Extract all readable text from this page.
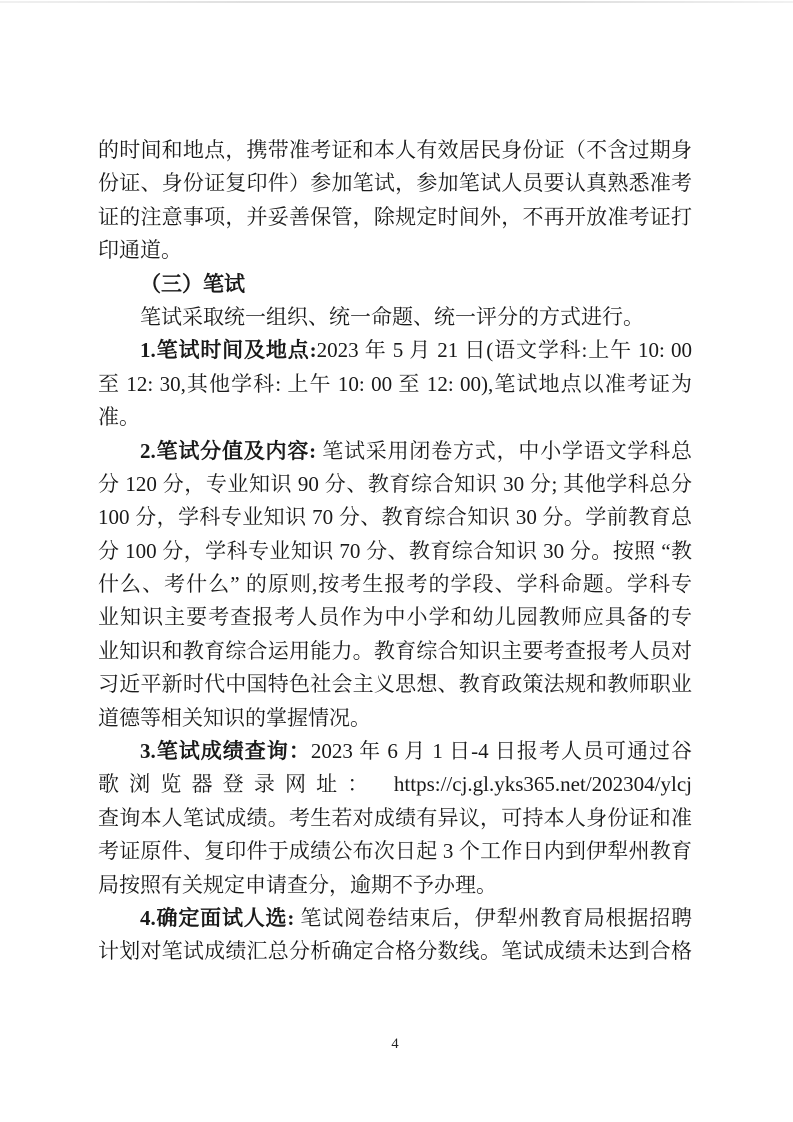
的时间和地点，携带准考证和本人有效居民身份证（不含过期身
份证、身份证复印件）参加笔试，参加笔试人员要认真熟悉准考
证的注意事项，并妥善保管，除规定时间外，不再开放准考证打
印通道。
（三）笔试
笔试采取统一组织、统一命题、统一评分的方式进行。
1.笔试时间及地点:2023 年 5 月 21 日(语文学科:上午 10: 00
至 12: 30,其他学科: 上午 10: 00 至 12: 00),笔试地点以准考证为
准。
2.笔试分值及内容: 笔试采用闭卷方式，中小学语文学科总
分 120 分，专业知识 90 分、教育综合知识 30 分; 其他学科总分
100 分，学科专业知识 70 分、教育综合知识 30 分。学前教育总
分 100 分，学科专业知识 70 分、教育综合知识 30 分。按照 “教
什么、考什么” 的原则,按考生报考的学段、学科命题。学科专
业知识主要考查报考人员作为中小学和幼儿园教师应具备的专
业知识和教育综合运用能力。教育综合知识主要考查报考人员对
习近平新时代中国特色社会主义思想、教育政策法规和教师职业
道德等相关知识的掌握情况。
3.笔试成绩查询：2023 年 6 月 1 日-4 日报考人员可通过谷
歌浏览器登录网址： https://cj.gl.yks365.net/202304/ylcj
查询本人笔试成绩。考生若对成绩有异议，可持本人身份证和准
考证原件、复印件于成绩公布次日起 3 个工作日内到伊犁州教育
局按照有关规定申请查分，逾期不予办理。
4.确定面试人选: 笔试阅卷结束后，伊犁州教育局根据招聘
计划对笔试成绩汇总分析确定合格分数线。笔试成绩未达到合格
4
